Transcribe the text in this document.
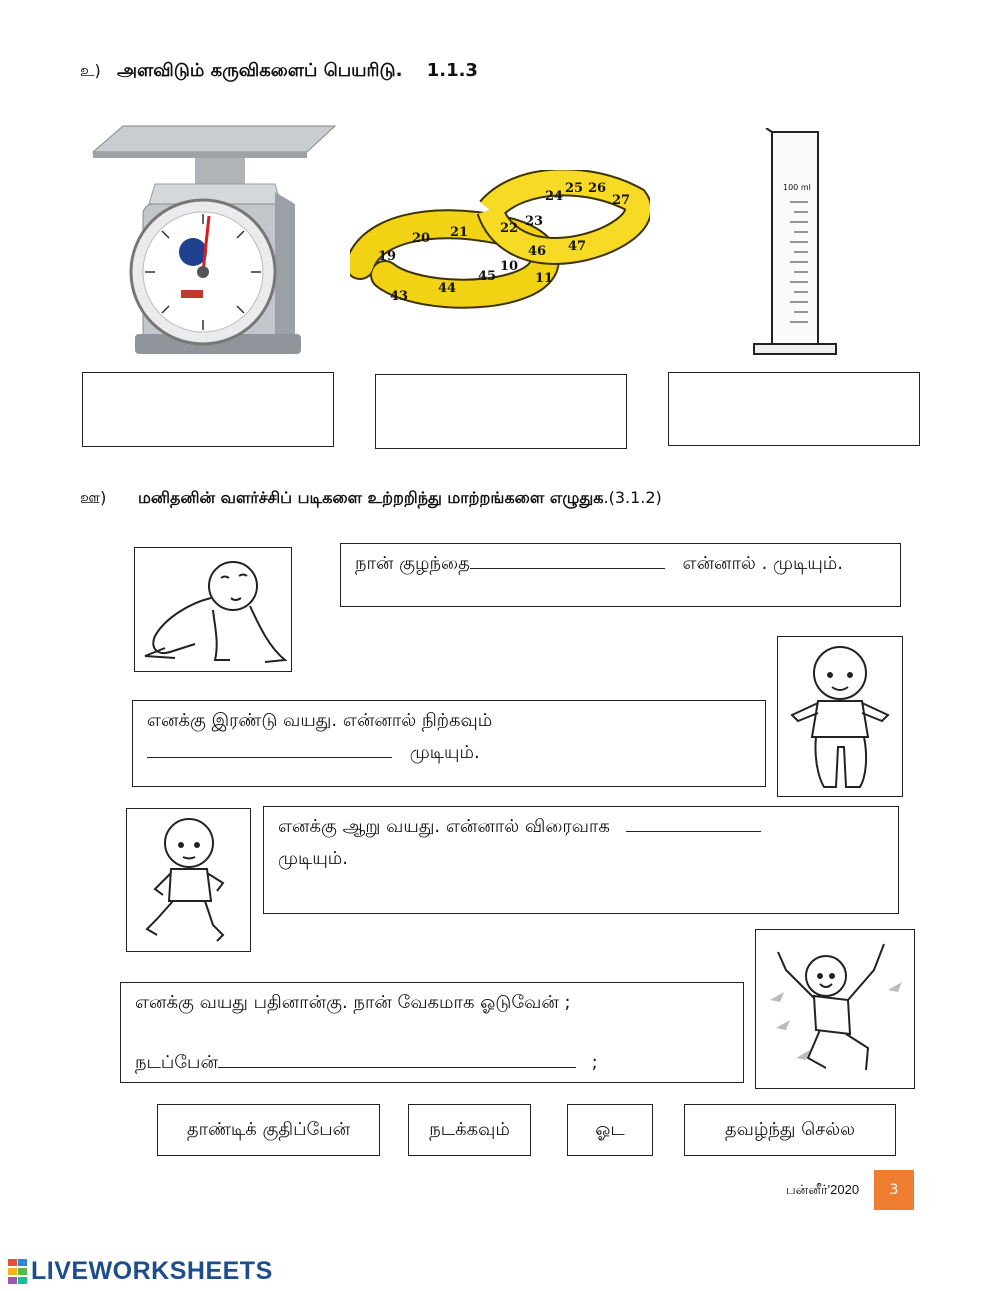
உ) அளவிடும் கருவிகளைப் பெயரிடு. 1.1.3
19
20 21 22 23
24
25 26
27
43
44
45
47
10
11
46
100 ml
ஊ) மனிதனின் வளர்ச்சிப் படிகளை உற்றறிந்து மாற்றங்களை எழுதுக.(3.1.2)
நான் குழந்தை	என்னால் . முடியும்.
எனக்கு இரண்டு வயது. என்னால் நிற்கவும்
முடியும்.
எனக்கு ஆறு வயது. என்னால் விரைவாக
முடியும்.
எனக்கு வயது பதினான்கு. நான் வேகமாக ஓடுவேன் ;
நடப்பேன்	;
தாண்டிக் குதிப்பேன்	நடக்கவும்	ஓட	தவழ்ந்து செல்ல
பன்னீர்'2020	3
LIVEWORKSHEETS
